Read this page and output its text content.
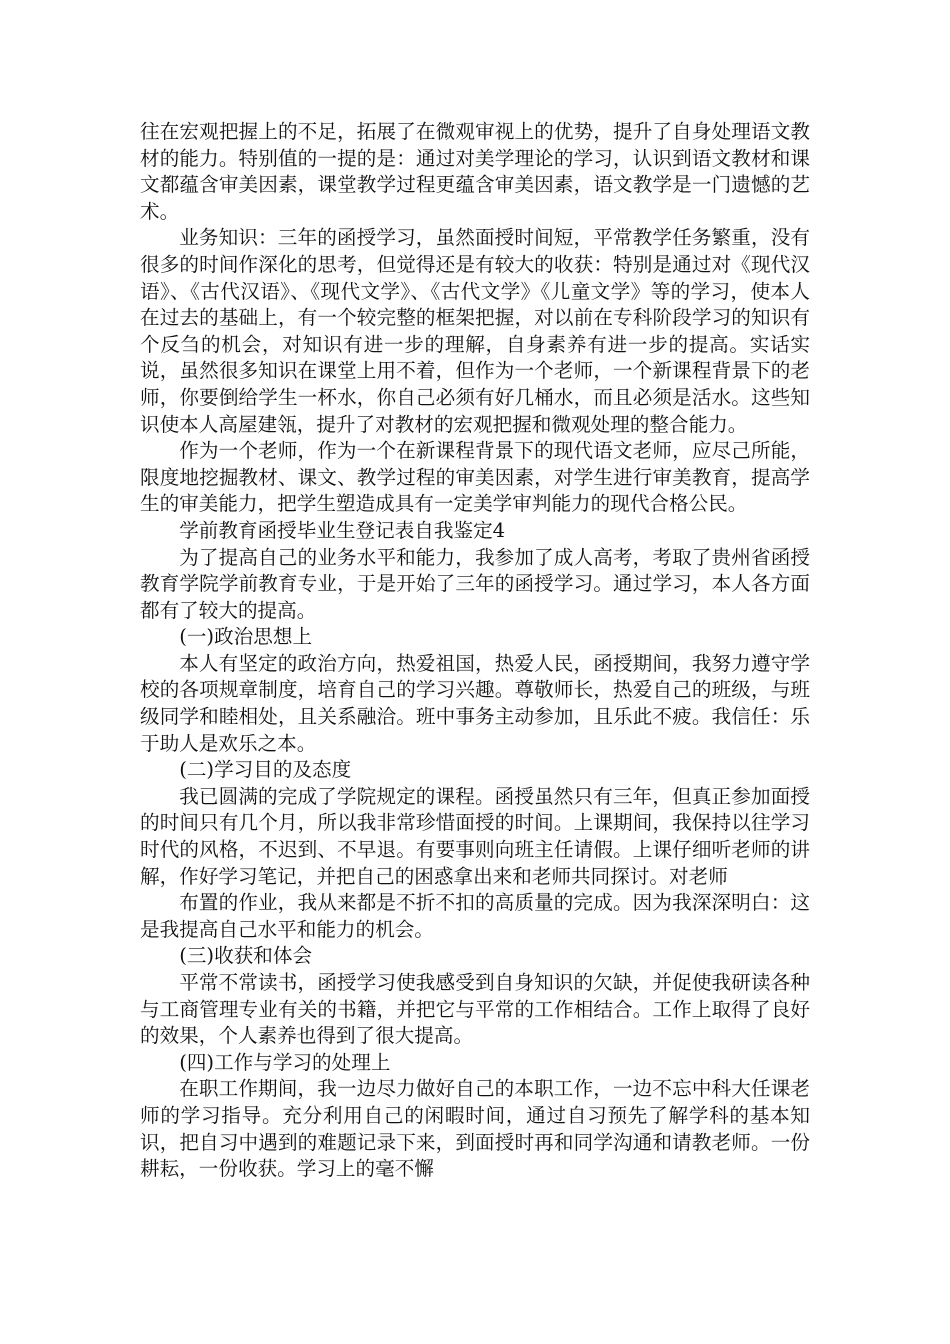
往在宏观把握上的不足，拓展了在微观审视上的优势，提升了自身处理语文教材的能力。特别值的一提的是：通过对美学理论的学习，认识到语文教材和课文都蕴含审美因素，课堂教学过程更蕴含审美因素，语文教学是一门遗憾的艺术。

业务知识：三年的函授学习，虽然面授时间短，平常教学任务繁重，没有很多的时间作深化的思考，但觉得还是有较大的收获：特别是通过对《现代汉语》、《古代汉语》、《现代文学》、《古代文学》《儿童文学》等的学习，使本人在过去的基础上，有一个较完整的框架把握，对以前在专科阶段学习的知识有个反刍的机会，对知识有进一步的理解，自身素养有进一步的提高。实话实说，虽然很多知识在课堂上用不着，但作为一个老师，一个新课程背景下的老师，你要倒给学生一杯水，你自己必须有好几桶水，而且必须是活水。这些知识使本人高屋建瓴，提升了对教材的宏观把握和微观处理的整合能力。

作为一个老师，作为一个在新课程背景下的现代语文老师，应尽己所能，限度地挖掘教材、课文、教学过程的审美因素，对学生进行审美教育，提高学生的审美能力，把学生塑造成具有一定美学审判能力的现代合格公民。

学前教育函授毕业生登记表自我鉴定4

为了提高自己的业务水平和能力，我参加了成人高考，考取了贵州省函授教育学院学前教育专业，于是开始了三年的函授学习。通过学习，本人各方面都有了较大的提高。

(一)政治思想上

本人有坚定的政治方向，热爱祖国，热爱人民，函授期间，我努力遵守学校的各项规章制度，培育自己的学习兴趣。尊敬师长，热爱自己的班级，与班级同学和睦相处，且关系融洽。班中事务主动参加，且乐此不疲。我信任：乐于助人是欢乐之本。

(二)学习目的及态度

我已圆满的完成了学院规定的课程。函授虽然只有三年，但真正参加面授的时间只有几个月，所以我非常珍惜面授的时间。上课期间，我保持以往学习时代的风格，不迟到、不早退。有要事则向班主任请假。上课仔细听老师的讲解，作好学习笔记，并把自己的困惑拿出来和老师共同探讨。对老师

布置的作业，我从来都是不折不扣的高质量的完成。因为我深深明白：这是我提高自己水平和能力的机会。

(三)收获和体会

平常不常读书，函授学习使我感受到自身知识的欠缺，并促使我研读各种与工商管理专业有关的书籍，并把它与平常的工作相结合。工作上取得了良好的效果，个人素养也得到了很大提高。

(四)工作与学习的处理上

在职工作期间，我一边尽力做好自己的本职工作，一边不忘中科大任课老师的学习指导。充分利用自己的闲暇时间，通过自习预先了解学科的基本知识，把自习中遇到的难题记录下来，到面授时再和同学沟通和请教老师。一份耕耘，一份收获。学习上的毫不懈
